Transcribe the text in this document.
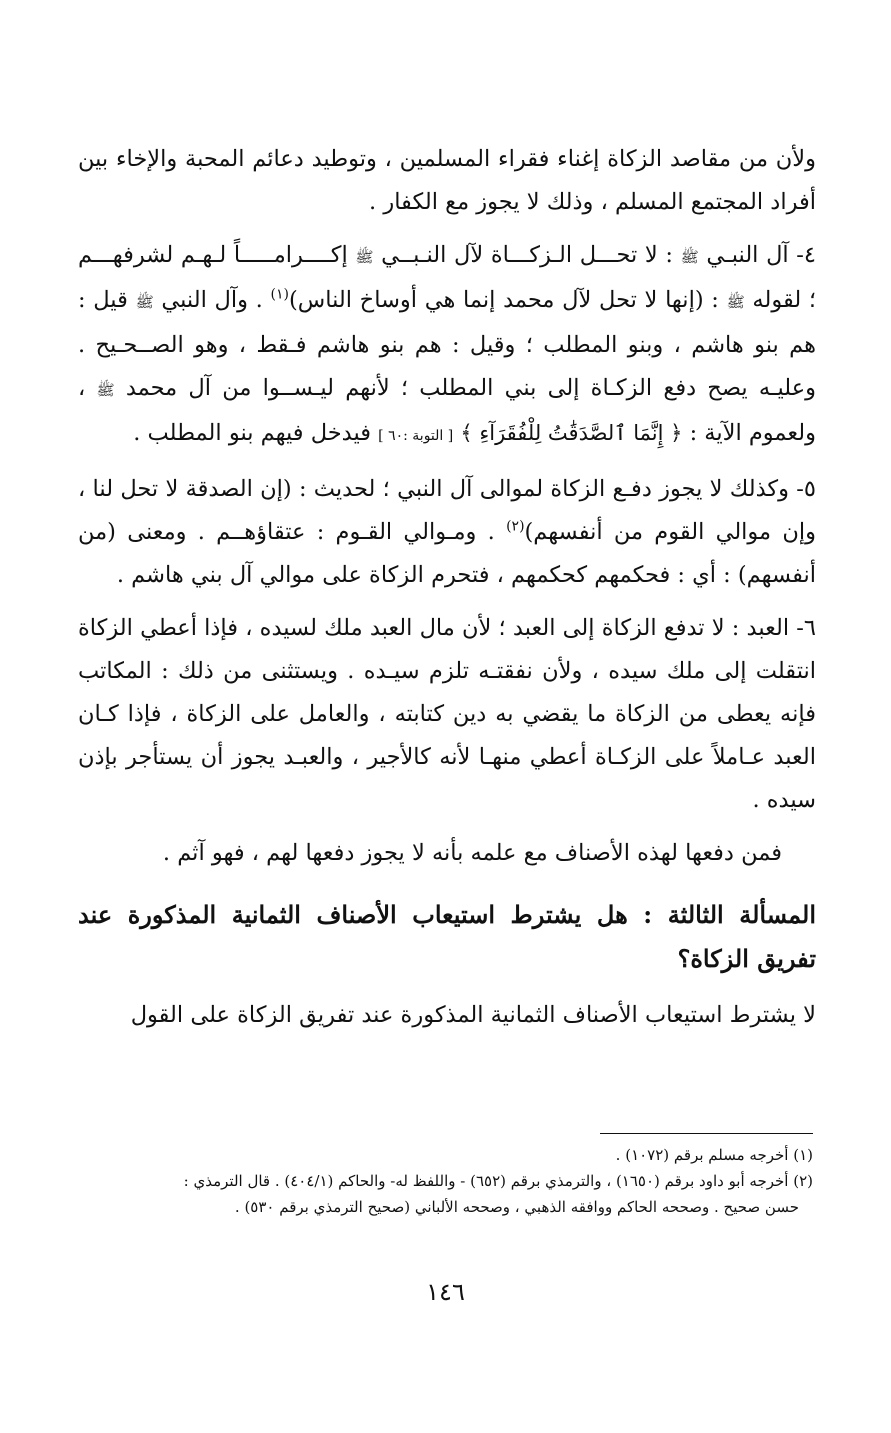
ولأن من مقاصد الزكاة إغناء فقراء المسلمين ، وتوطيد دعائم المحبة والإخاء بين أفراد المجتمع المسلم ، وذلك لا يجوز مع الكفار .

٤- آل النبـي ﷺ : لا تحـــل الـزكـــاة لآل النـبــي ﷺ إكــــرامـــــاً لـهـم لشرفهـــم ؛ لقوله ﷺ : (إنها لا تحل لآل محمد إنما هي أوساخ الناس)$^{(١)}$ . وآل النبي ﷺ قيل : هم بنو هاشم ، وبنو المطلب ؛ وقيل : هم بنو هاشم فـقط ، وهو الصــحـيح . وعليـه يصح دفع الزكـاة إلى بني المطلب ؛ لأنهم ليـســوا من آل محمد ﷺ ، ولعموم الآية : ﴿ إِنَّمَا ٱلصَّدَقَٰتُ لِلْفُقَرَآءِ ﴾ [ التوبة :٦٠ ] فيدخل فيهم بنو المطلب .

٥- وكذلك لا يجوز دفـع الزكاة لموالى آل النبي ؛ لحديث : (إن الصدقة لا تحل لنا ، وإن موالي القوم من أنفسهم)$^{(٢)}$ . ومـوالي القـوم : عتقاؤهــم . ومعنى (من أنفسهم) : أي : فحكمهم كحكمهم ، فتحرم الزكاة على موالي آل بني هاشم .

٦- العبد : لا تدفع الزكاة إلى العبد ؛ لأن مال العبد ملك لسيده ، فإذا أعطي الزكاة انتقلت إلى ملك سيده ، ولأن نفقتـه تلزم سيـده . ويستثنى من ذلك : المكاتب فإنه يعطى من الزكاة ما يقضي به دين كتابته ، والعامل على الزكاة ، فإذا كـان العبد عـاملاً على الزكـاة أعطي منهـا لأنه كالأجير ، والعبـد يجوز أن يستأجر بإذن سيده .

فمن دفعها لهذه الأصناف مع علمه بأنه لا يجوز دفعها لهم ، فهو آثم .

المسألة الثالثة : هل يشترط استيعاب الأصناف الثمانية المذكورة عند تفريق الزكاة؟

لا يشترط استيعاب الأصناف الثمانية المذكورة عند تفريق الزكاة على القول

(١) أخرجه مسلم برقم (١٠٧٢) .

(٢) أخرجه أبو داود برقم (١٦٥٠) ، والترمذي برقم (٦٥٢) - واللفظ له- والحاكم (٤٠٤/١) . قال الترمذي :

حسن صحيح . وصححه الحاكم ووافقه الذهبي ، وصححه الألباني (صحيح الترمذي برقم ٥٣٠) .

١٤٦
